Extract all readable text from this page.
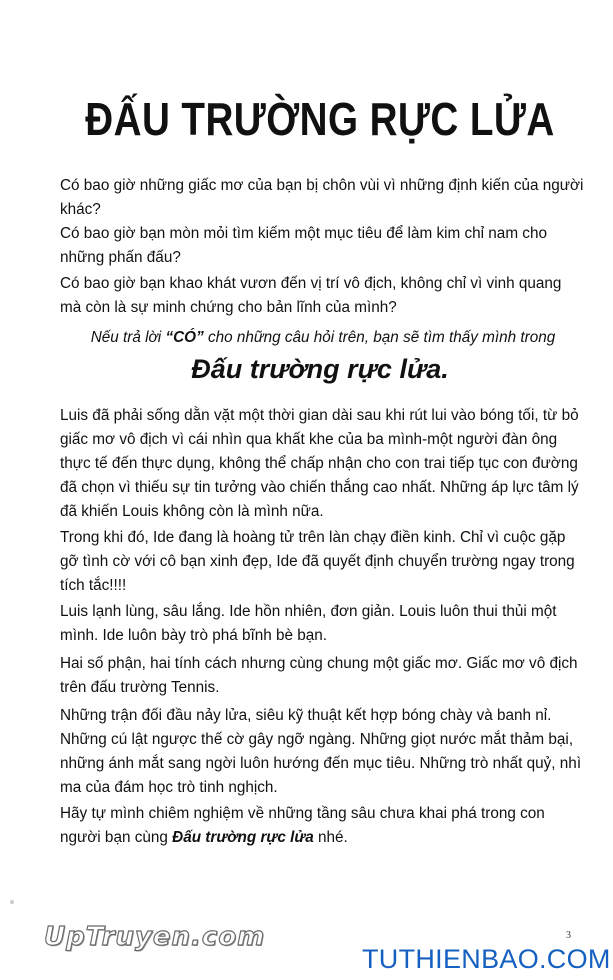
ĐẤU TRƯỜNG RỰC LỬA
Có bao giờ những giấc mơ của bạn bị chôn vùi vì những định kiến của người khác?
Có bao giờ bạn mòn mỏi tìm kiếm một mục tiêu để làm kim chỉ nam cho những phấn đấu?
Có bao giờ bạn khao khát vươn đến vị trí vô địch, không chỉ vì vinh quang mà còn là sự minh chứng cho bản lĩnh của mình?
Nếu trả lời “CÓ” cho những câu hỏi trên, bạn sẽ tìm thấy mình trong
Đấu trường rực lửa.
Luis đã phải sống dằn vặt một thời gian dài sau khi rút lui vào bóng tối, từ bỏ giấc mơ vô địch vì cái nhìn qua khất khe của ba mình-một người đàn ông thực tế đến thực dụng, không thể chấp nhận cho con trai tiếp tục con đường đã chọn vì thiếu sự tin tưởng vào chiến thắng cao nhất. Những áp lực tâm lý đã khiến Louis không còn là mình nữa.
Trong khi đó, Ide đang là hoàng tử trên làn chạy điền kinh. Chỉ vì cuộc gặp gỡ tình cờ với cô bạn xinh đẹp, Ide đã quyết định chuyển trường ngay trong tích tắc!!!!
Luis lạnh lùng, sâu lắng. Ide hồn nhiên, đơn giản. Louis luôn thui thủi một mình. Ide luôn bày trò phá bĩnh bè bạn.
Hai số phận, hai tính cách nhưng cùng chung một giấc mơ. Giấc mơ vô địch trên đấu trường Tennis.
Những trận đối đầu nảy lửa, siêu kỹ thuật kết hợp bóng chày và banh nỉ. Những cú lật ngược thế cờ gây ngỡ ngàng. Những giọt nước mắt thảm bại, những ánh mắt sang ngời luôn hướng đến mục tiêu. Những trò nhất quỷ, nhì ma của đám học trò tinh nghịch.
Hãy tự mình chiêm nghiệm về những tầng sâu chưa khai phá trong con người bạn cùng Đấu trường rực lửa nhé.
UpTruyen.com	3
TUTHIENBAO.COM
